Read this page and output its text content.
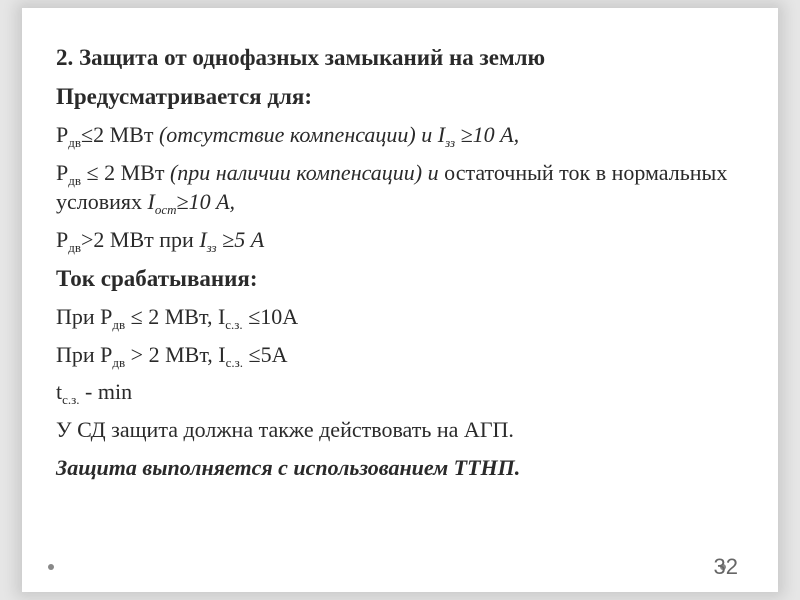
2. Защита от однофазных замыканий на землю

Предусматривается для:

$P_{дв}\le 2$ МВт (отсутствие компенсации) и $I_{зз} \ge 10$ А,

$P_{дв} \le 2$ МВт (при наличии компенсации) и остаточный ток в нормальных условиях $I_{ост}\ge 10$ А,

$P_{дв}>2$ МВт при $I_{зз} \ge 5$ А

Ток срабатывания:

При $P_{дв} \le 2$ МВт, $I_{с.з.} \le 10А$

При $P_{дв} > 2$ МВт, $I_{с.з.} \le 5А$

$t_{с.з.}$ - min

У СД защита должна также действовать на АГП.

Защита выполняется с использованием ТТНП.

32
